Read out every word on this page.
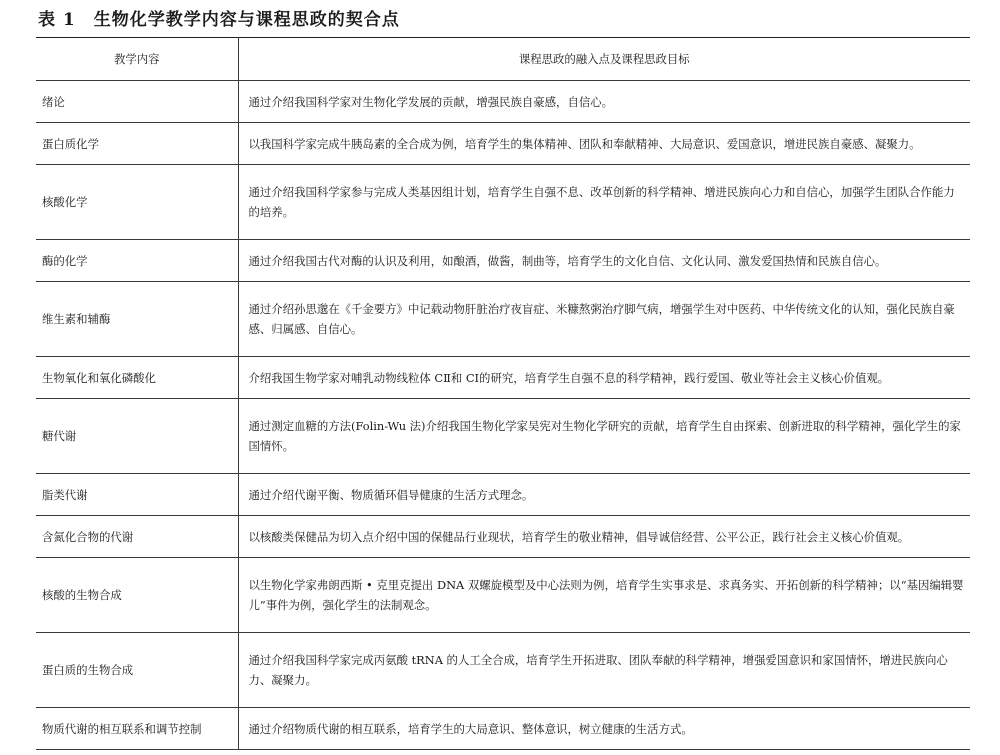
表 1 生物化学教学内容与课程思政的契合点
教学内容	课程思政的融入点及课程思政目标
绪论	通过介绍我国科学家对生物化学发展的贡献，增强民族自豪感，自信心。
蛋白质化学	以我国科学家完成牛胰岛素的全合成为例，培育学生的集体精神、团队和奉献精神、大局意识、爱国意识，增进民族自豪感、凝聚力。
核酸化学	通过介绍我国科学家参与完成人类基因组计划，培育学生自强不息、改革创新的科学精神、增进民族向心力和自信心，加强学生团队合作能力的培养。
酶的化学	通过介绍我国古代对酶的认识及利用，如酿酒，做酱，制曲等，培育学生的文化自信、文化认同、激发爱国热情和民族自信心。
维生素和辅酶	通过介绍孙思邈在《千金要方》中记载动物肝脏治疗夜盲症、米糠熬粥治疗脚气病，增强学生对中医药、中华传统文化的认知，强化民族自豪感、归属感、自信心。
生物氧化和氧化磷酸化	介绍我国生物学家对哺乳动物线粒体 CⅡ和 CⅠ的研究，培育学生自强不息的科学精神，践行爱国、敬业等社会主义核心价值观。
糖代谢	通过测定血糖的方法(Folin-Wu 法)介绍我国生物化学家吴宪对生物化学研究的贡献，培育学生自由探索、创新进取的科学精神，强化学生的家国情怀。
脂类代谢	通过介绍代谢平衡、物质循环倡导健康的生活方式理念。
含氮化合物的代谢	以核酸类保健品为切入点介绍中国的保健品行业现状，培育学生的敬业精神，倡导诚信经营、公平公正，践行社会主义核心价值观。
核酸的生物合成	以生物化学家弗朗西斯 • 克里克提出 DNA 双螺旋模型及中心法则为例，培育学生实事求是、求真务实、开拓创新的科学精神；以“基因编辑婴儿”事件为例，强化学生的法制观念。
蛋白质的生物合成	通过介绍我国科学家完成丙氨酸 tRNA 的人工全合成，培育学生开拓进取、团队奉献的科学精神，增强爱国意识和家国情怀，增进民族向心力、凝聚力。
物质代谢的相互联系和调节控制	通过介绍物质代谢的相互联系，培育学生的大局意识、整体意识，树立健康的生活方式。
